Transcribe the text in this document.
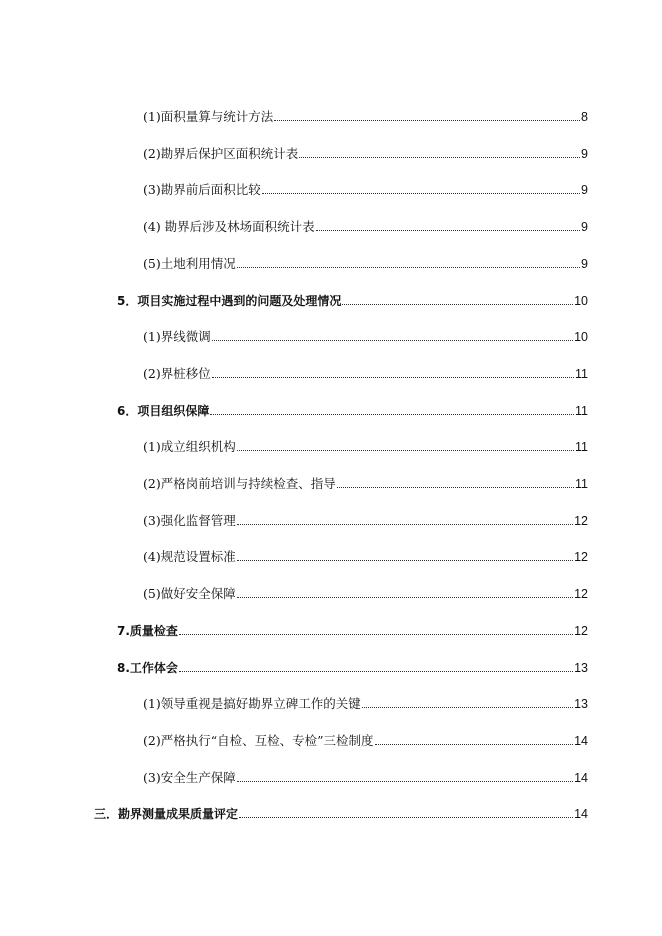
(1)面积量算与统计方法	8
(2)勘界后保护区面积统计表	9
(3)勘界前后面积比较	9
(4) 勘界后涉及林场面积统计表	9
(5)土地利用情况	9
5．项目实施过程中遇到的问题及处理情况	10
(1)界线微调	10
(2)界桩移位	11
6．项目组织保障	11
(1)成立组织机构	11
(2)严格岗前培训与持续检查、指导	11
(3)强化监督管理	12
(4)规范设置标准	12
(5)做好安全保障	12
7.质量检查	12
8.工作体会	13
(1)领导重视是搞好勘界立碑工作的关键	13
(2)严格执行“自检、互检、专检”三检制度	14
(3)安全生产保障	14
三．勘界测量成果质量评定	14
